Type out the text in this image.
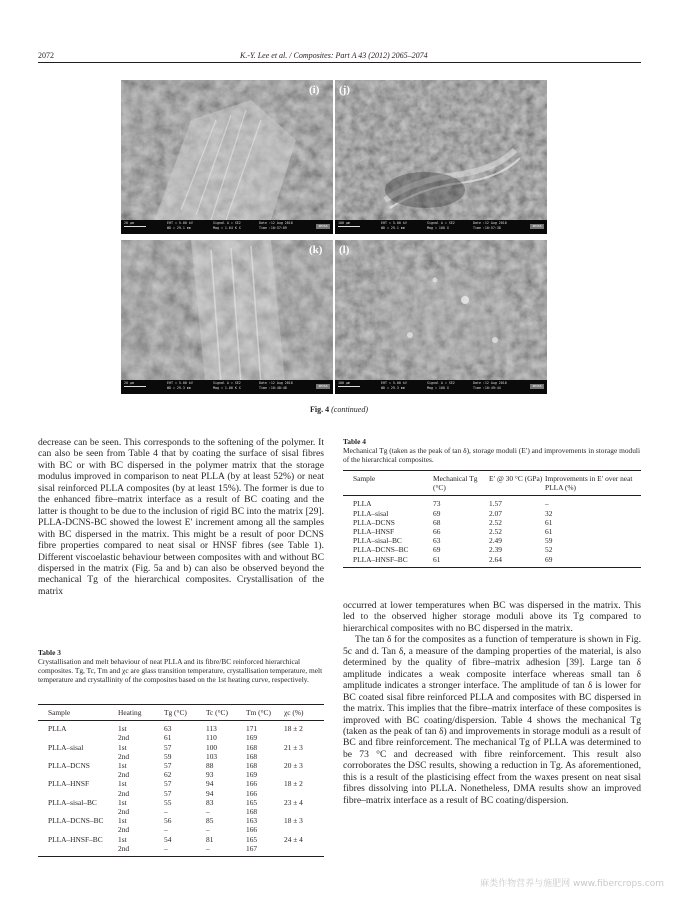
2072	K.-Y. Lee et al. / Composites: Part A 43 (2012) 2065–2074
(i)
20 μm	EHT = 5.00 kV
WD = 29.1 mm
Signal A = SE2
Mag = 1.64 K X
Date :12 Aug 2010
Time :10:57:09	ZEISS
(j)
100 μm	EHT = 5.00 kV
WD = 29.1 mm
Signal A = SE2
Mag = 100 X
Date :12 Aug 2010
Time :10:57:38	ZEISS
(k)
20 μm	EHT = 5.00 kV
WD = 29.3 mm
Signal A = SE2
Mag = 1.00 K X
Date :12 Aug 2010
Time :10:48:48	ZEISS
(l)
100 μm	EHT = 5.00 kV
WD = 29.3 mm
Signal A = SE2
Mag = 100 X
Date :12 Aug 2010
Time :10:49:44	ZEISS
Fig. 4 (continued)

decrease can be seen. This corresponds to the softening of the polymer. It can also be seen from Table 4 that by coating the surface of sisal fibres with BC or with BC dispersed in the polymer matrix that the storage modulus improved in comparison to neat PLLA (by at least 52%) or neat sisal reinforced PLLA composites (by at least 15%). The former is due to the enhanced fibre–matrix interface as a result of BC coating and the latter is thought to be due to the inclusion of rigid BC into the matrix [29]. PLLA-DCNS-BC showed the lowest E′ increment among all the samples with BC dispersed in the matrix. This might be a result of poor DCNS fibre properties compared to neat sisal or HNSF fibres (see Table 1). Different viscoelastic behaviour between composites with and without BC dispersed in the matrix (Fig. 5a and b) can also be observed beyond the mechanical Tg of the hierarchical composites. Crystallisation of the matrix

Table 4
Mechanical Tg (taken as the peak of tan δ), storage moduli (E′) and improvements in storage moduli of the hierarchical composites.
Sample	Mechanical Tg (°C)	E′ @ 30 °C (GPa)	Improvements in E′ over neat PLLA (%)
PLLA	73	1.57	–
PLLA–sisal	69	2.07	32
PLLA–DCNS	68	2.52	61
PLLA–HNSF	66	2.52	61
PLLA–sisal–BC	63	2.49	59
PLLA–DCNS–BC	69	2.39	52
PLLA–HNSF–BC	61	2.64	69

occurred at lower temperatures when BC was dispersed in the matrix. This led to the observed higher storage moduli above its Tg compared to hierarchical composites with no BC dispersed in the matrix.

The tan δ for the composites as a function of temperature is shown in Fig. 5c and d. Tan δ, a measure of the damping properties of the material, is also determined by the quality of fibre–matrix adhesion [39]. Large tan δ amplitude indicates a weak composite interface whereas small tan δ amplitude indicates a stronger interface. The amplitude of tan δ is lower for BC coated sisal fibre reinforced PLLA and composites with BC dispersed in the matrix. This implies that the fibre–matrix interface of these composites is improved with BC coating/dispersion. Table 4 shows the mechanical Tg (taken as the peak of tan δ) and improvements in storage moduli as a result of BC and fibre reinforcement. The mechanical Tg of PLLA was determined to be 73 °C and decreased with fibre reinforcement. This result also corroborates the DSC results, showing a reduction in Tg. As aforementioned, this is a result of the plasticising effect from the waxes present on neat sisal fibres dissolving into PLLA. Nonetheless, DMA results show an improved fibre–matrix interface as a result of BC coating/dispersion.

Table 3
Crystallisation and melt behaviour of neat PLLA and its fibre/BC reinforced hierarchical composites. Tg, Tc, Tm and χc are glass transition temperature, crystallisation temperature, melt temperature and crystallinity of the composites based on the 1st heating curve, respectively.
Sample	Heating	Tg (°C)	Tc (°C)	Tm (°C)	χc (%)
PLLA	1st	63	113	171	18 ± 2
	2nd	61	110	169	
PLLA–sisal	1st	57	100	168	21 ± 3
	2nd	59	103	168	
PLLA–DCNS	1st	57	88	168	20 ± 3
	2nd	62	93	169	
PLLA–HNSF	1st	57	94	166	18 ± 2
	2nd	57	94	166	
PLLA–sisal–BC	1st	55	83	165	23 ± 4
	2nd	–	–	168	
PLLA–DCNS–BC	1st	56	85	163	18 ± 3
	2nd	–	–	166	
PLLA–HNSF–BC	1st	54	81	165	24 ± 4
	2nd	–	–	167	
麻类作物营养与施肥网 www.fibercrops.com
